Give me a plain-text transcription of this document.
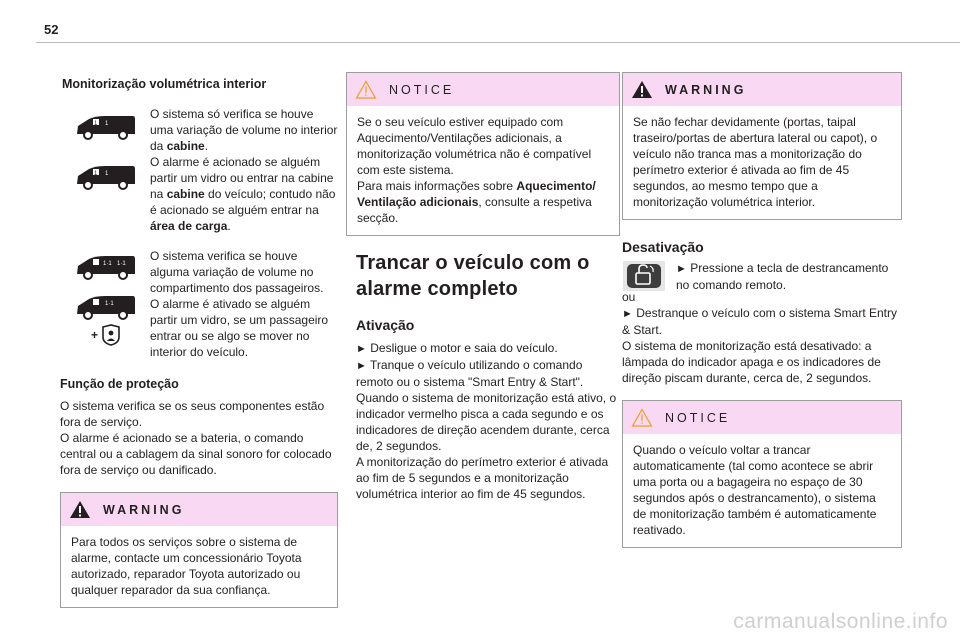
52

Monitorização volumétrica interior

1 1
1 1

O sistema só verifica se houve uma variação de volume no interior da cabine.

O alarme é acionado se alguém partir um vidro ou entrar na cabine na cabine do veículo; contudo não é acionado se alguém entrar na área de carga.

1·1 1·1
1·1
+

O sistema verifica se houve alguma variação de volume no compartimento dos passageiros.

O alarme é ativado se alguém partir um vidro, se um passageiro entrar ou se algo se mover no interior do veículo.

Função de proteção

O sistema verifica se os seus componentes estão fora de serviço.

O alarme é acionado se a bateria, o comando central ou a cablagem da sinal sonoro for colocado fora de serviço ou danificado.

WARNING

Para todos os serviços sobre o sistema de alarme, contacte um concessionário Toyota autorizado, reparador Toyota autorizado ou qualquer reparador da sua confiança.

NOTICE

Se o seu veículo estiver equipado com Aquecimento/Ventilações adicionais, a monitorização volumétrica não é compatível com este sistema.

Para mais informações sobre Aquecimento/ Ventilação adicionais, consulte a respetiva secção.

Trancar o veículo com o alarme completo

Ativação

► Desligue o motor e saia do veículo.

► Tranque o veículo utilizando o comando remoto ou o sistema "Smart Entry & Start".

Quando o sistema de monitorização está ativo, o indicador vermelho pisca a cada segundo e os indicadores de direção acendem durante, cerca de, 2 segundos.

A monitorização do perímetro exterior é ativada ao fim de 5 segundos e a monitorização volumétrica interior ao fim de 45 segundos.

WARNING

Se não fechar devidamente (portas, taipal traseiro/portas de abertura lateral ou capot), o veículo não tranca mas a monitorização do perímetro exterior é ativada ao fim de 45 segundos, ao mesmo tempo que a monitorização volumétrica interior.

Desativação

► Pressione a tecla de destrancamento no comando remoto.

ou

► Destranque o veículo com o sistema Smart Entry & Start.

O sistema de monitorização está desativado: a lâmpada do indicador apaga e os indicadores de direção piscam durante, cerca de, 2 segundos.

NOTICE

Quando o veículo voltar a trancar automaticamente (tal como acontece se abrir uma porta ou a bagageira no espaço de 30 segundos após o destrancamento), o sistema de monitorização também é automaticamente reativado.

carmanualsonline.info
